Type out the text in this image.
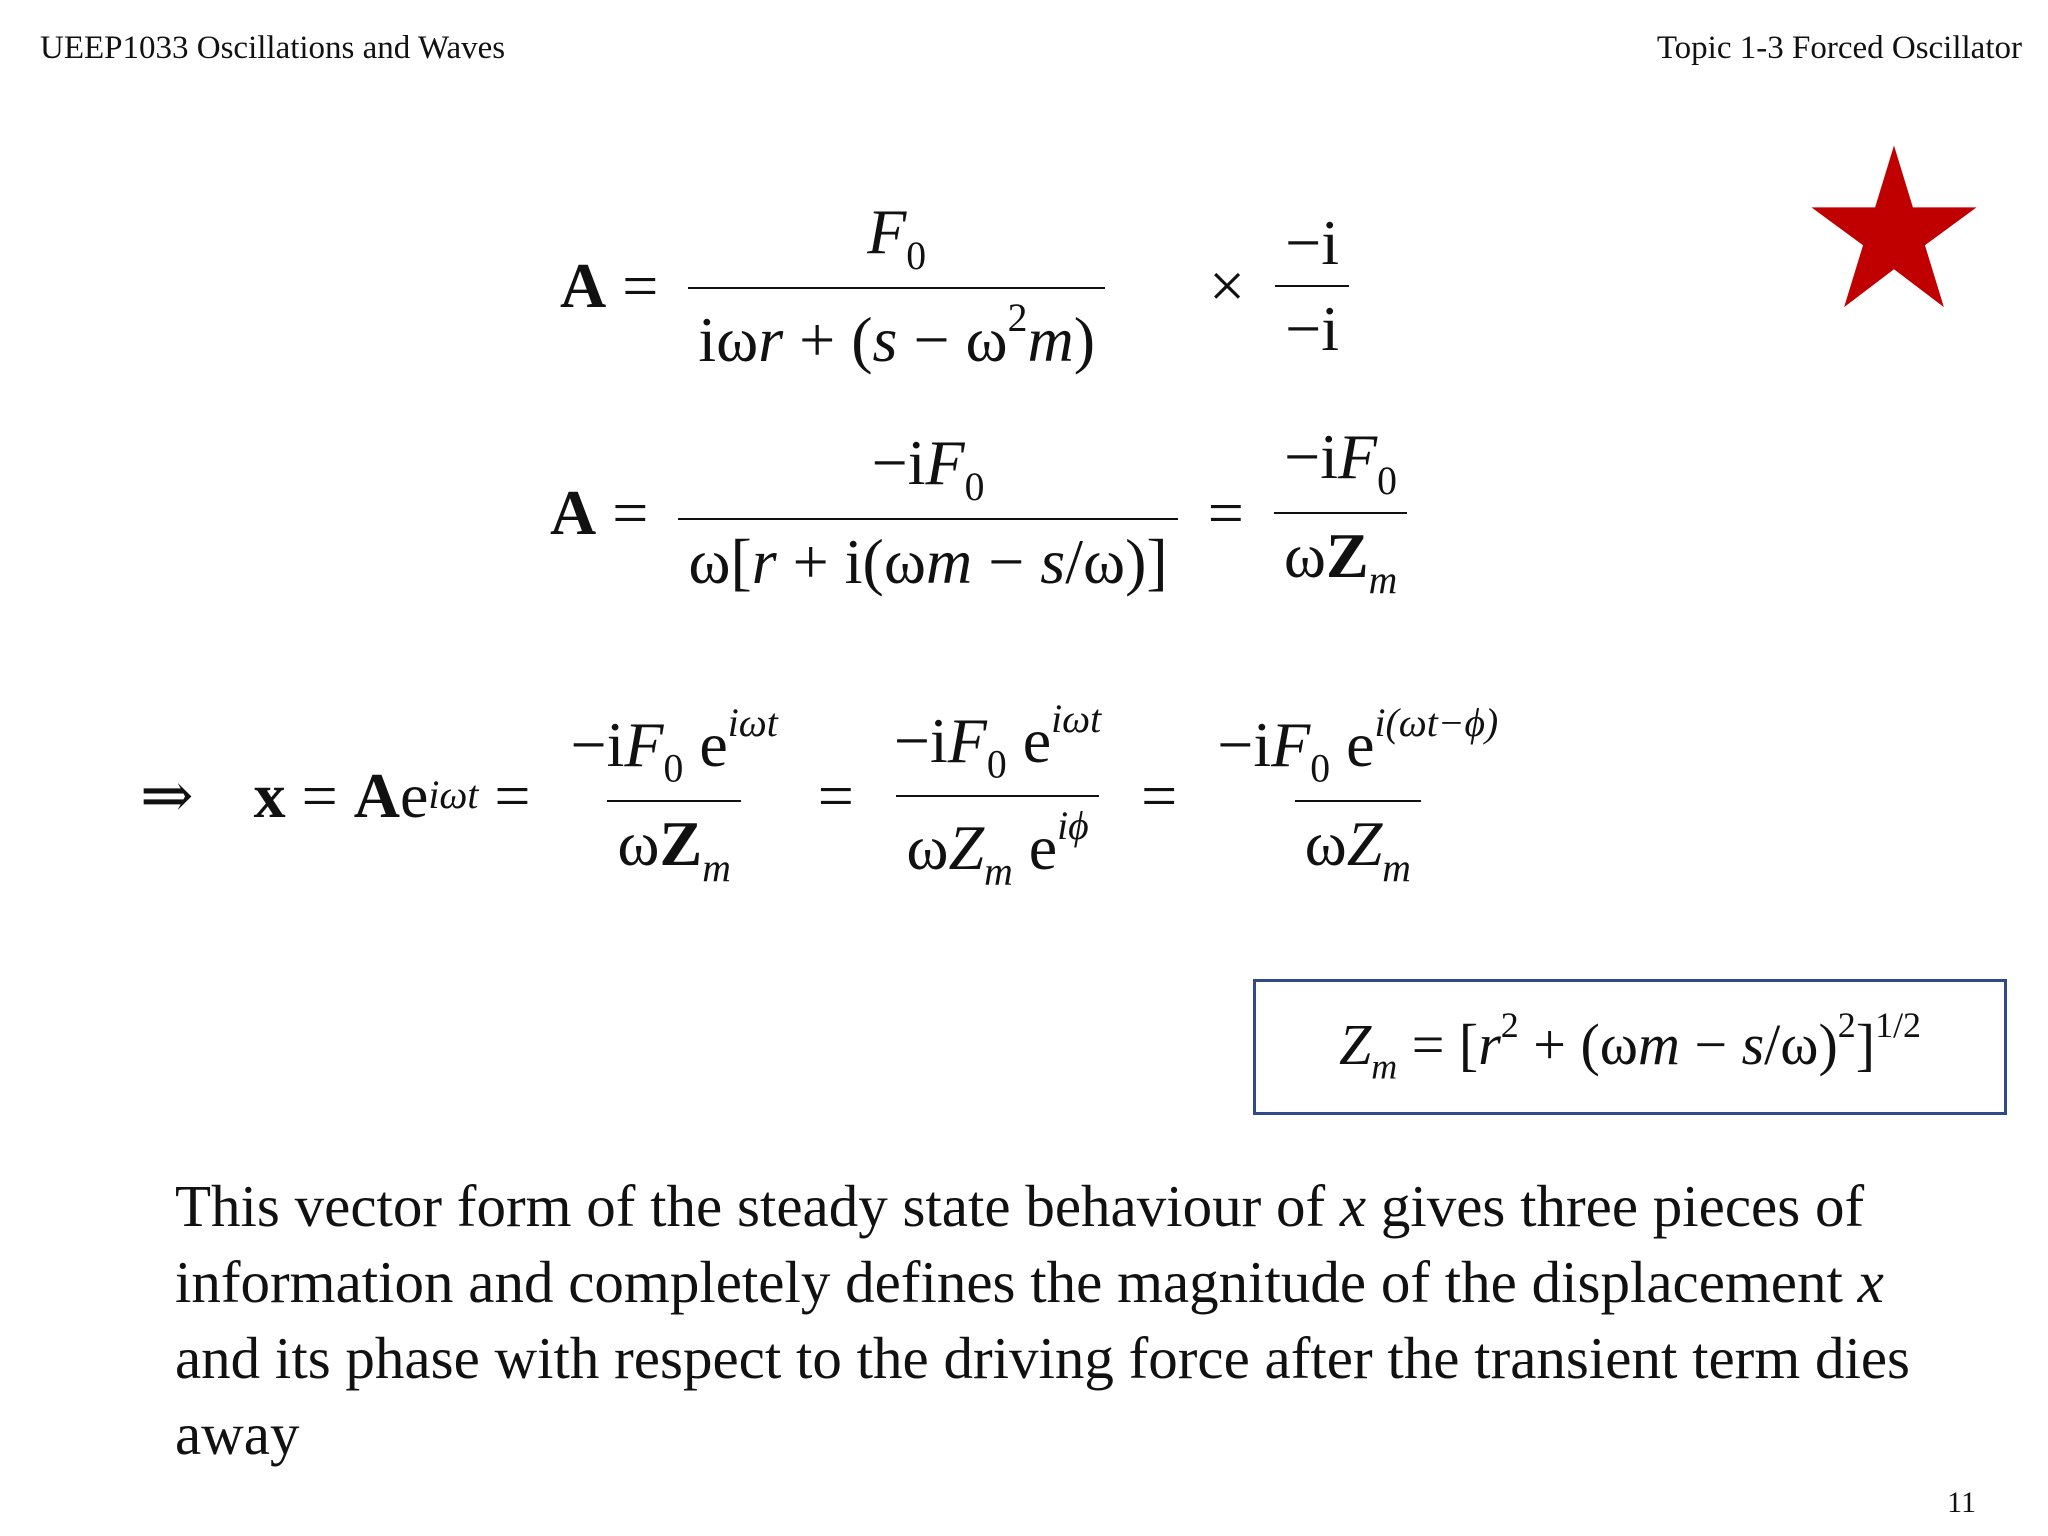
UEEP1033 Oscillations and Waves	Topic 1-3 Forced Oscillator
$A = \frac{F_0}{i\omega r + (s - \omega^2m)} \times \frac{-i}{-i}$
$A = \frac{-iF_0}{\omega[r + i(\omega m - s/\omega)]} = \frac{-iF_0}{\omega Z_m}$
⇒ x = A e $i\omega t = \frac{-iF_0 e^{i\omega t}}{\omega Z_m} = \frac{-iF_0 e^{i\omega t}}{\omega Z_m e^{i\phi}} = \frac{-iF_0 e^{i(\omega t-\phi)}}{\omega Z_m}$
$Z_m = [r^2 + (\omega m - s/\omega)^2]^{1/2}$
This vector form of the steady state behaviour of x gives three pieces of information and completely defines the magnitude of the displacement x and its phase with respect to the driving force after the transient term dies away
11
